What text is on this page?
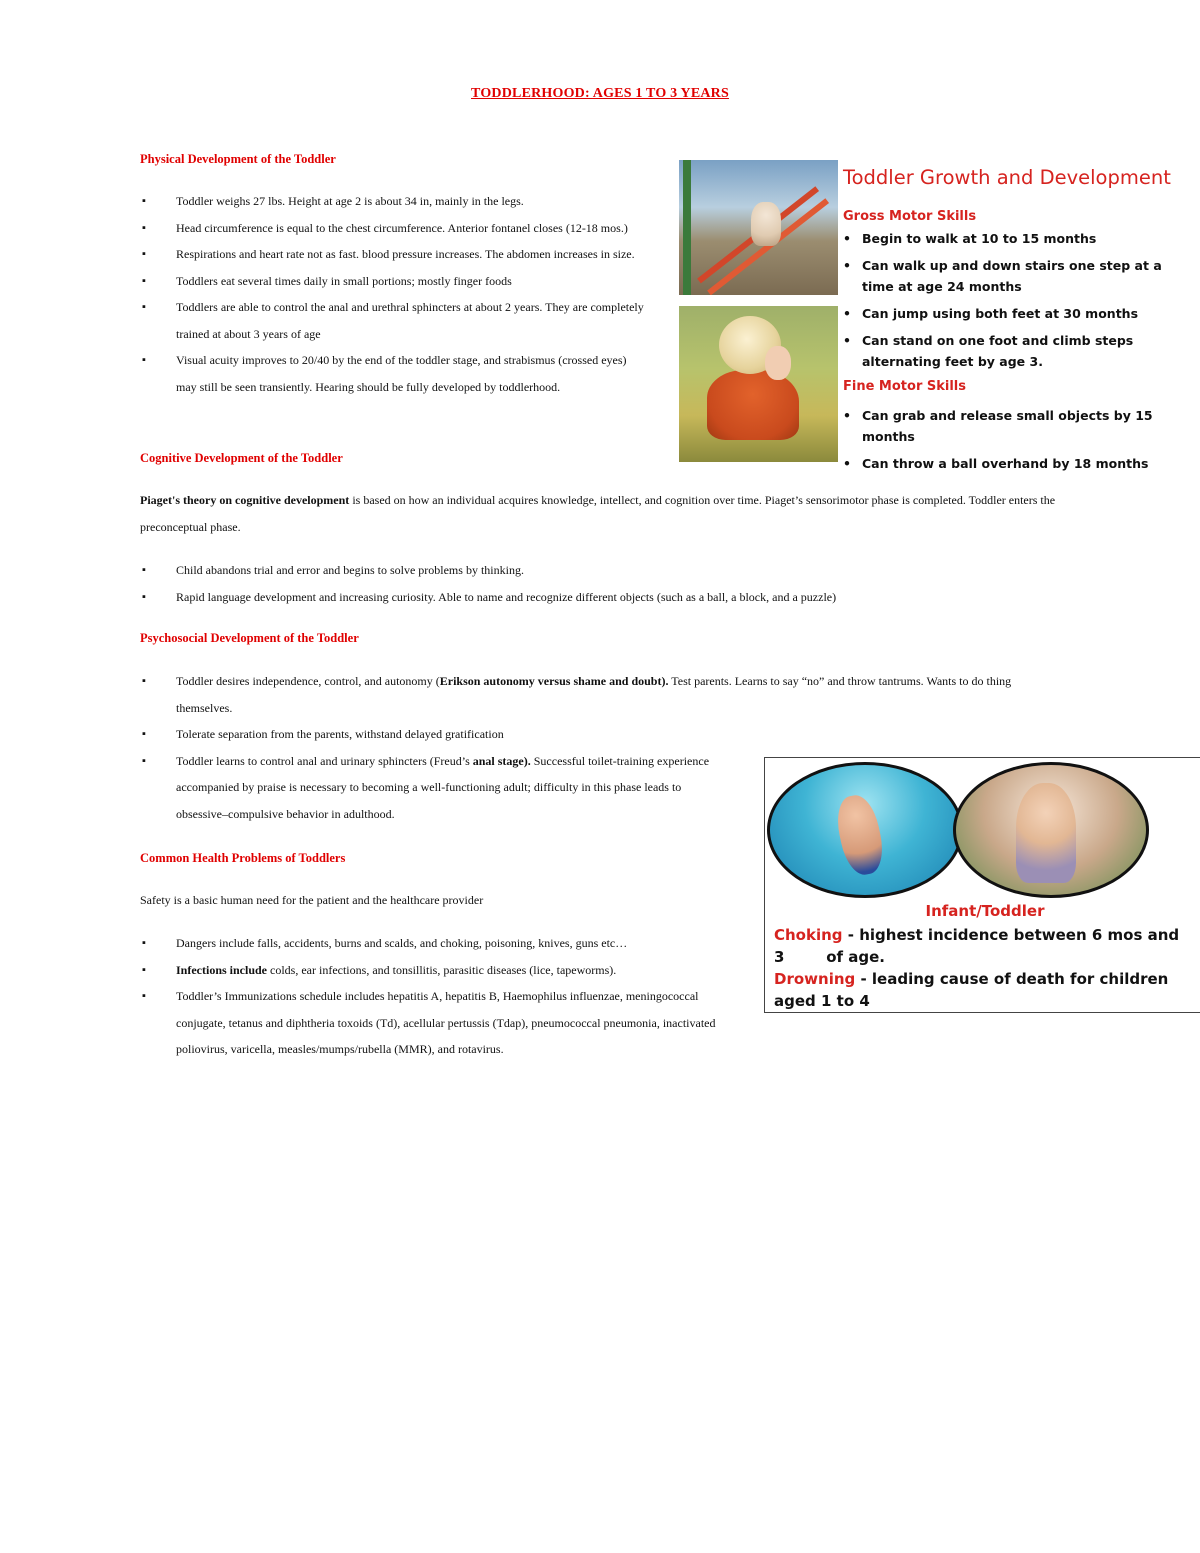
TODDLERHOOD: AGES 1 TO 3 YEARS
Physical Development of the Toddler
▪ Toddler weighs 27 lbs. Height at age 2 is about 34 in, mainly in the legs.
▪ Head circumference is equal to the chest circumference. Anterior fontanel closes (12-18 mos.)
▪ Respirations and heart rate not as fast. blood pressure increases. The abdomen increases in size.
▪ Toddlers eat several times daily in small portions; mostly finger foods
▪ Toddlers are able to control the anal and urethral sphincters at about 2 years. They are completely trained at about 3 years of age
▪ Visual acuity improves to 20/40 by the end of the toddler stage, and strabismus (crossed eyes) may still be seen transiently. Hearing should be fully developed by toddlerhood.
Toddler Growth and Development
Gross Motor Skills
• Begin to walk at 10 to 15 months
• Can walk up and down stairs one step at a time at age 24 months
• Can jump using both feet at 30 months
• Can stand on one foot and climb steps alternating feet by age 3.
Fine Motor Skills
• Can grab and release small objects by 15 months
• Can throw a ball overhand by 18 months
Cognitive Development of the Toddler
Piaget's theory on cognitive development is based on how an individual acquires knowledge, intellect, and cognition over time. Piaget’s sensorimotor phase is completed. Toddler enters the preconceptual phase.
▪ Child abandons trial and error and begins to solve problems by thinking.
▪ Rapid language development and increasing curiosity. Able to name and recognize different objects (such as a ball, a block, and a puzzle)
Psychosocial Development of the Toddler
▪ Toddler desires independence, control, and autonomy (Erikson autonomy versus shame and doubt). Test parents. Learns to say “no” and throw tantrums. Wants to do thing themselves.
▪ Tolerate separation from the parents, withstand delayed gratification
▪ Toddler learns to control anal and urinary sphincters (Freud’s anal stage). Successful toilet-training experience accompanied by praise is necessary to becoming a well-functioning adult; difficulty in this phase leads to obsessive–compulsive behavior in adulthood.
Common Health Problems of Toddlers
Safety is a basic human need for the patient and the healthcare provider
▪ Dangers include falls, accidents, burns and scalds, and choking, poisoning, knives, guns etc…
▪ Infections include colds, ear infections, and tonsillitis, parasitic diseases (lice, tapeworms).
▪ Toddler’s Immunizations schedule includes hepatitis A, hepatitis B, Haemophilus influenzae, meningococcal conjugate, tetanus and diphtheria toxoids (Td), acellular pertussis (Tdap), pneumococcal pneumonia, inactivated poliovirus, varicella, measles/mumps/rubella (MMR), and rotavirus.
Infant/Toddler
Choking - highest incidence between 6 mos and 3        of age.
Drowning - leading cause of death for children aged 1 to 4
